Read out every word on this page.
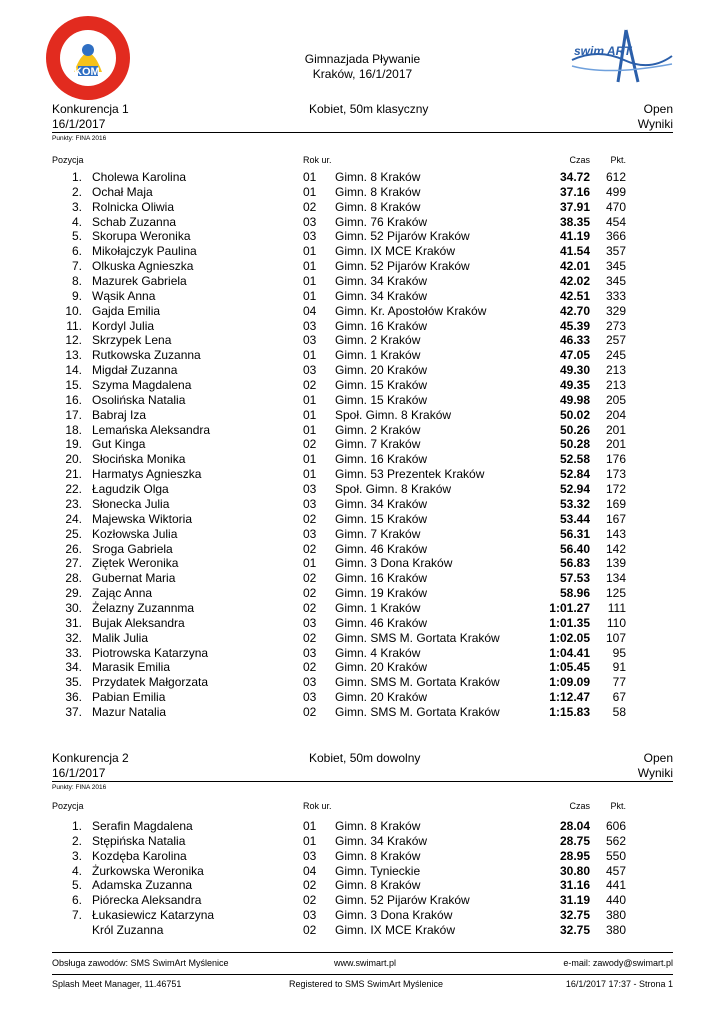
KOM
swim ART
Gimnazjada Pływanie
Kraków, 16/1/2017
Konkurencja 1
16/1/2017
Kobiet, 50m klasyczny	Open
Wyniki
Punkty: FINA 2016
Pozycja	Rok ur.	Czas Pkt.
1. Cholewa Karolina	01 Gimn. 8 Kraków	34.72 612
2. Ochał Maja	01 Gimn. 8 Kraków	37.16 499
3. Rolnicka Oliwia	02 Gimn. 8 Kraków	37.91 470
4. Schab Zuzanna	03 Gimn. 76 Kraków	38.35 454
5. Skorupa Weronika	03 Gimn. 52 Pijarów Kraków	41.19 366
6. Mikołajczyk Paulina	01 Gimn. IX MCE Kraków	41.54 357
7. Olkuska Agnieszka	01 Gimn. 52 Pijarów Kraków	42.01 345
8. Mazurek Gabriela	01 Gimn. 34 Kraków	42.02 345
9. Wąsik Anna	01 Gimn. 34 Kraków	42.51 333
10. Gajda Emilia	04 Gimn. Kr. Apostołów Kraków	42.70 329
11. Kordyl Julia	03 Gimn. 16 Kraków	45.39 273
12. Skrzypek Lena	03 Gimn. 2 Kraków	46.33 257
13. Rutkowska Zuzanna	01 Gimn. 1 Kraków	47.05 245
14. Migdał Zuzanna	03 Gimn. 20 Kraków	49.30 213
15. Szyma Magdalena	02 Gimn. 15 Kraków	49.35 213
16. Osolińska Natalia	01 Gimn. 15 Kraków	49.98 205
17. Babraj Iza	01 Społ. Gimn. 8 Kraków	50.02 204
18. Lemańska Aleksandra	01 Gimn. 2 Kraków	50.26 201
19. Gut Kinga	02 Gimn. 7 Kraków	50.28 201
20. Słocińska Monika	01 Gimn. 16 Kraków	52.58 176
21. Harmatys Agnieszka	01 Gimn. 53 Prezentek Kraków	52.84 173
22. Łagudzik Olga	03 Społ. Gimn. 8 Kraków	52.94 172
23. Słonecka Julia	03 Gimn. 34 Kraków	53.32 169
24. Majewska Wiktoria	02 Gimn. 15 Kraków	53.44 167
25. Kozłowska Julia	03 Gimn. 7 Kraków	56.31 143
26. Sroga Gabriela	02 Gimn. 46 Kraków	56.40 142
27. Ziętek Weronika	01 Gimn. 3 Dona Kraków	56.83 139
28. Gubernat Maria	02 Gimn. 16 Kraków	57.53 134
29. Zając Anna	02 Gimn. 19 Kraków	58.96 125
30. Żelazny Zuzannma	02 Gimn. 1 Kraków	1:01.27 111
31. Bujak Aleksandra	03 Gimn. 46 Kraków	1:01.35 110
32. Malik Julia	02 Gimn. SMS M. Gortata Kraków	1:02.05 107
33. Piotrowska Katarzyna	03 Gimn. 4 Kraków	1:04.41 95
34. Marasik Emilia	02 Gimn. 20 Kraków	1:05.45 91
35. Przydatek Małgorzata	03 Gimn. SMS M. Gortata Kraków	1:09.09 77
36. Pabian Emilia	03 Gimn. 20 Kraków	1:12.47 67
37. Mazur Natalia	02 Gimn. SMS M. Gortata Kraków	1:15.83 58
Konkurencja 2
16/1/2017
Kobiet, 50m dowolny	Open
Wyniki
Punkty: FINA 2016
Pozycja	Rok ur.	Czas Pkt.
1. Serafin Magdalena	01 Gimn. 8 Kraków	28.04 606
2. Stępińska Natalia	01 Gimn. 34 Kraków	28.75 562
3. Kozdęba Karolina	03 Gimn. 8 Kraków	28.95 550
4. Żurkowska Weronika	04 Gimn. Tynieckie	30.80 457
5. Adamska Zuzanna	02 Gimn. 8 Kraków	31.16 441
6. Piórecka Aleksandra	02 Gimn. 52 Pijarów Kraków	31.19 440
7. Łukasiewicz Katarzyna	03 Gimn. 3 Dona Kraków	32.75 380
Król Zuzanna	02 Gimn. IX MCE Kraków	32.75 380
Obsługa zawodów: SMS SwimArt Myślenice	www.swimart.pl	e-mail: zawody@swimart.pl
Splash Meet Manager, 11.46751	Registered to SMS SwimArt Myślenice	16/1/2017 17:37 - Strona 1
